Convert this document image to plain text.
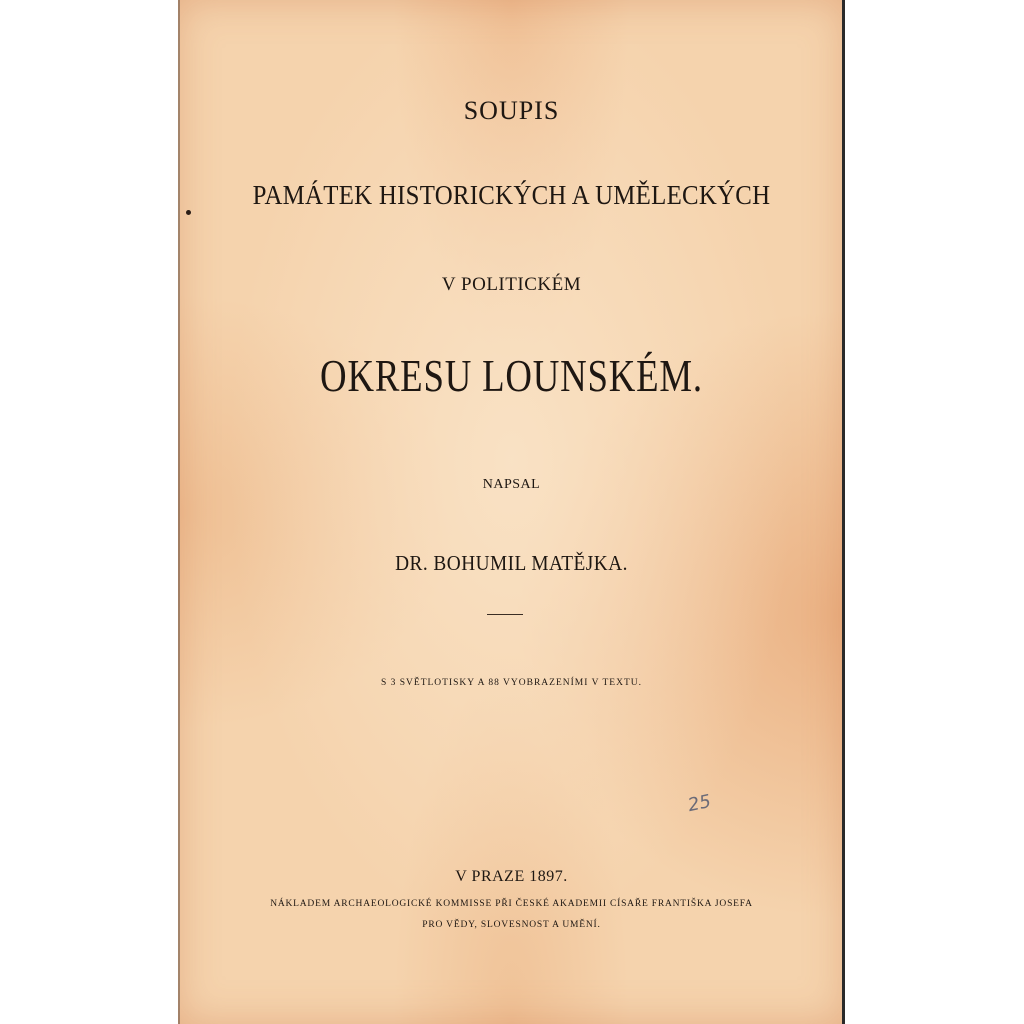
SOUPIS
PAMÁTEK HISTORICKÝCH A UMĚLECKÝCH
V POLITICKÉM
OKRESU LOUNSKÉM.
NAPSAL
DR. BOHUMIL MATĚJKA.
S 3 SVĚTLOTISKY A 88 VYOBRAZENÍMI V TEXTU.
25
V PRAZE 1897.
NÁKLADEM ARCHAEOLOGICKÉ KOMMISSE PŘI ČESKÉ AKADEMII CÍSAŘE FRANTIŠKA JOSEFA
PRO VĚDY, SLOVESNOST A UMĚNÍ.
